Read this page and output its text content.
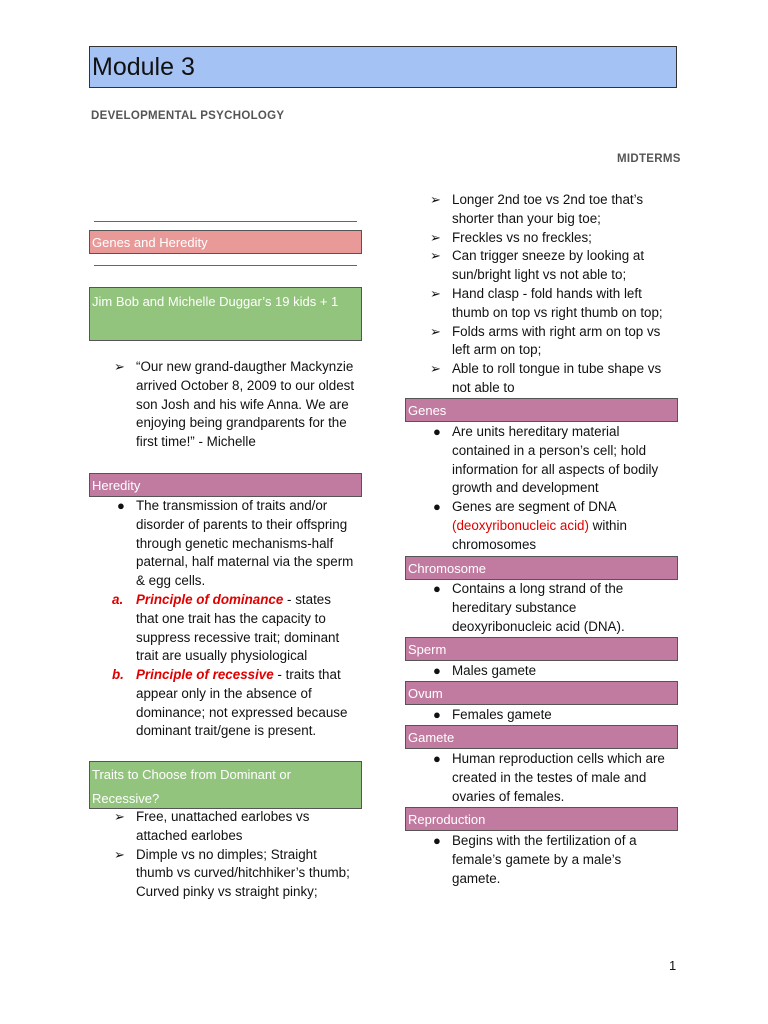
Module 3
DEVELOPMENTAL PSYCHOLOGY
MIDTERMS
Genes and Heredity
Jim Bob and Michelle Duggar’s 19 kids + 1
Heredity
Traits to Choose from Dominant or
Recessive?
Genes
Chromosome
Sperm
Ovum
Gamete
Reproduction
➢ “Our new grand-daugther Mackynzie
arrived October 8, 2009 to our oldest
son Josh and his wife Anna. We are
enjoying being grandparents for the
first time!” - Michelle
● The transmission of traits and/or
disorder of parents to their offspring
through genetic mechanisms-half
paternal, half maternal via the sperm
& egg cells.
a. Principle of dominance - states
that one trait has the capacity to
suppress recessive trait; dominant
trait are usually physiological
b. Principle of recessive - traits that
appear only in the absence of
dominance; not expressed because
dominant trait/gene is present.
➢
➢
Free, unattached earlobes vs
attached earlobes
Dimple vs no dimples; Straight
thumb vs curved/hitchhiker’s thumb;
Curved pinky vs straight pinky;
➢
➢
➢
➢
➢
➢
Longer 2nd toe vs 2nd toe that’s
shorter than your big toe;
Freckles vs no freckles;
Can trigger sneeze by looking at
sun/bright light vs not able to;
Hand clasp - fold hands with left
thumb on top vs right thumb on top;
Folds arms with right arm on top vs
left arm on top;
Able to roll tongue in tube shape vs
not able to
●
●
Are units hereditary material
contained in a person’s cell; hold
information for all aspects of bodily
growth and development
Genes are segment of DNA
(deoxyribonucleic acid) within
chromosomes
● Contains a long strand of the
hereditary substance
deoxyribonucleic acid (DNA).
● Males gamete
● Females gamete
● Human reproduction cells which are
created in the testes of male and
ovaries of females.
● Begins with the fertilization of a
female’s gamete by a male’s
gamete.
1
